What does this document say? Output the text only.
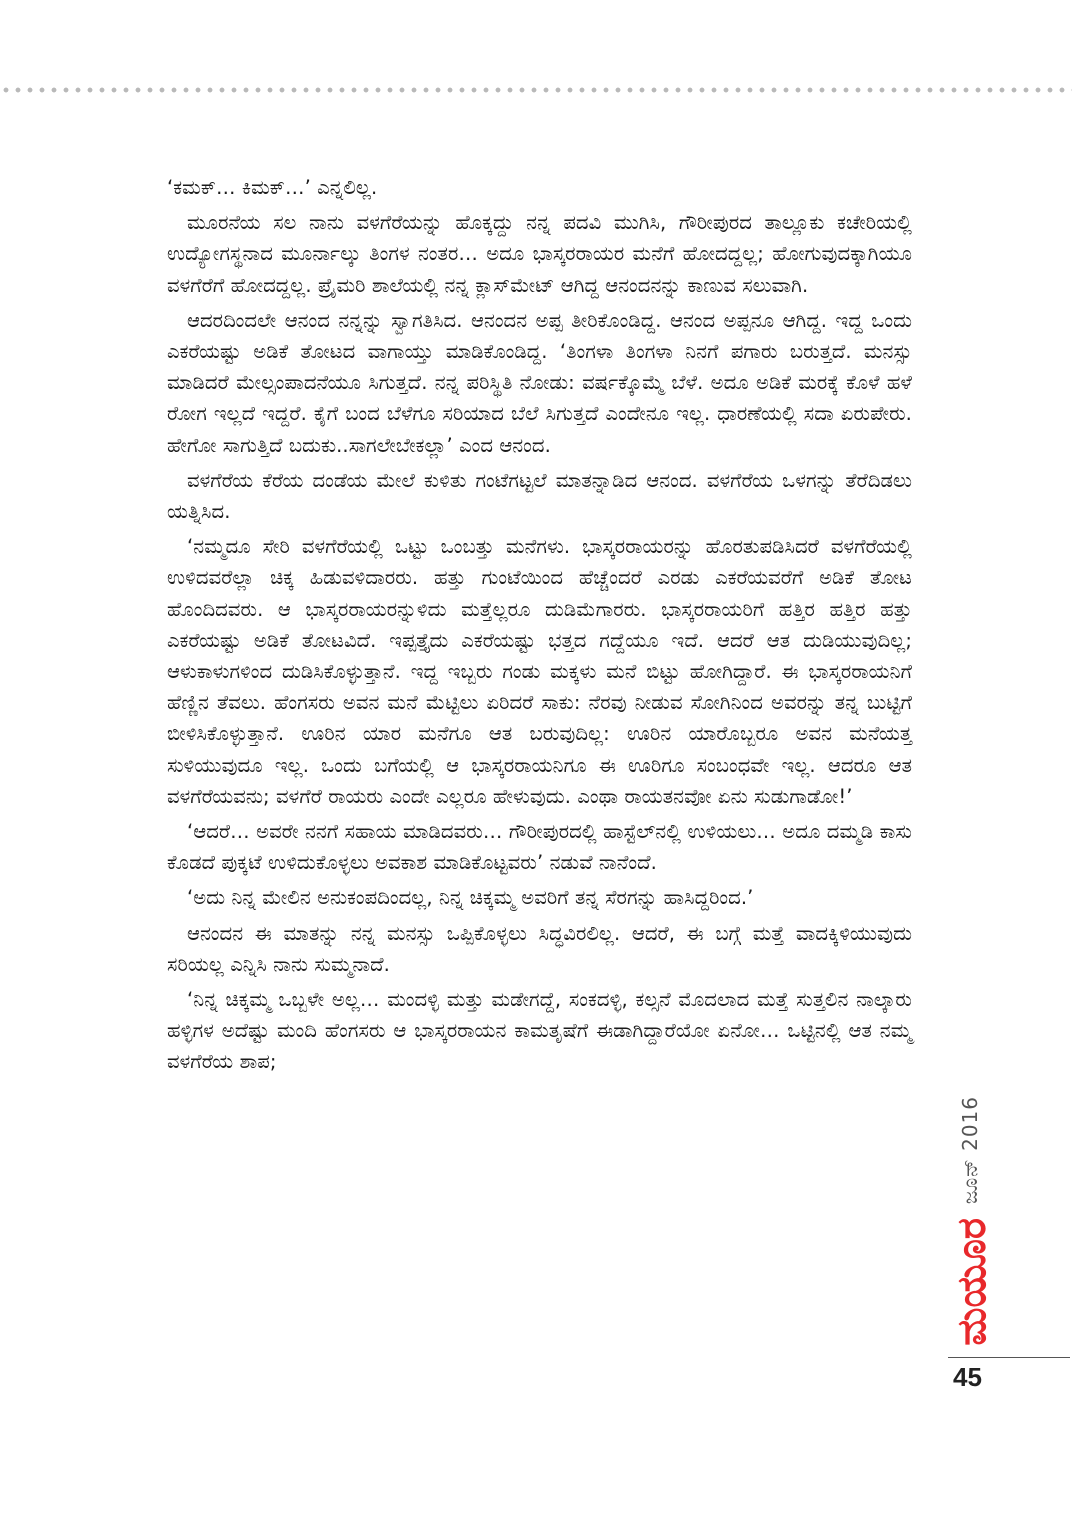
‘ಕಮಕ್… ಕಿಮಕ್…’ ಎನ್ನಲಿಲ್ಲ.

ಮೂರನೆಯ ಸಲ ನಾನು ವಳಗೆರೆಯನ್ನು ಹೊಕ್ಕದ್ದು ನನ್ನ ಪದವಿ ಮುಗಿಸಿ, ಗೌರೀಪುರದ ತಾಲ್ಲೂಕು ಕಚೇರಿಯಲ್ಲಿ ಉದ್ಯೋಗಸ್ಥನಾದ ಮೂರ್ನಾಲ್ಕು ತಿಂಗಳ ನಂತರ… ಅದೂ ಭಾಸ್ಕರರಾಯರ ಮನೆಗೆ ಹೋದದ್ದಲ್ಲ; ಹೋಗುವುದಕ್ಕಾಗಿಯೂ ವಳಗೆರೆಗೆ ಹೋದದ್ದಲ್ಲ. ಪ್ರೈಮರಿ ಶಾಲೆಯಲ್ಲಿ ನನ್ನ ಕ್ಲಾಸ್‌ಮೇಟ್ ಆಗಿದ್ದ ಆನಂದನನ್ನು ಕಾಣುವ ಸಲುವಾಗಿ.

ಆದರದಿಂದಲೇ ಆನಂದ ನನ್ನನ್ನು ಸ್ವಾಗತಿಸಿದ. ಆನಂದನ ಅಪ್ಪ ತೀರಿಕೊಂಡಿದ್ದ. ಆನಂದ ಅಪ್ಪನೂ ಆಗಿದ್ದ. ಇದ್ದ ಒಂದು ಎಕರೆಯಷ್ಟು ಅಡಿಕೆ ತೋಟದ ವಾಗಾಯ್ತು ಮಾಡಿಕೊಂಡಿದ್ದ. ‘ತಿಂಗಳಾ ತಿಂಗಳಾ ನಿನಗೆ ಪಗಾರು ಬರುತ್ತದೆ. ಮನಸ್ಸು ಮಾಡಿದರೆ ಮೇಲ್ಸಂಪಾದನೆಯೂ ಸಿಗುತ್ತದೆ. ನನ್ನ ಪರಿಸ್ಥಿತಿ ನೋಡು: ವರ್ಷಕ್ಕೊಮ್ಮೆ ಬೆಳೆ. ಅದೂ ಅಡಿಕೆ ಮರಕ್ಕೆ ಕೊಳೆ ಹಳೆ ರೋಗ ಇಲ್ಲದೆ ಇದ್ದರೆ. ಕೈಗೆ ಬಂದ ಬೆಳೆಗೂ ಸರಿಯಾದ ಬೆಲೆ ಸಿಗುತ್ತದೆ ಎಂದೇನೂ ಇಲ್ಲ. ಧಾರಣೆಯಲ್ಲಿ ಸದಾ ಏರುಪೇರು. ಹೇಗೋ ಸಾಗುತ್ತಿದೆ ಬದುಕು..ಸಾಗಲೇಬೇಕಲ್ಲಾ’ ಎಂದ ಆನಂದ.

ವಳಗೆರೆಯ ಕೆರೆಯ ದಂಡೆಯ ಮೇಲೆ ಕುಳಿತು ಗಂಟೆಗಟ್ಟಲೆ ಮಾತನ್ನಾಡಿದ ಆನಂದ. ವಳಗೆರೆಯ ಒಳಗನ್ನು ತೆರೆದಿಡಲು ಯತ್ನಿಸಿದ.

‘ನಮ್ಮದೂ ಸೇರಿ ವಳಗೆರೆಯಲ್ಲಿ ಒಟ್ಟು ಒಂಬತ್ತು ಮನೆಗಳು. ಭಾಸ್ಕರರಾಯರನ್ನು ಹೊರತುಪಡಿಸಿದರೆ ವಳಗೆರೆಯಲ್ಲಿ ಉಳಿದವರೆಲ್ಲಾ ಚಿಕ್ಕ ಹಿಡುವಳಿದಾರರು. ಹತ್ತು ಗುಂಟೆಯಿಂದ ಹೆಚ್ಚೆಂದರೆ ಎರಡು ಎಕರೆಯವರೆಗೆ ಅಡಿಕೆ ತೋಟ ಹೊಂದಿದವರು. ಆ ಭಾಸ್ಕರರಾಯರನ್ನುಳಿದು ಮತ್ತೆಲ್ಲರೂ ದುಡಿಮೆಗಾರರು. ಭಾಸ್ಕರರಾಯರಿಗೆ ಹತ್ತಿರ ಹತ್ತಿರ ಹತ್ತು ಎಕರೆಯಷ್ಟು ಅಡಿಕೆ ತೋಟವಿದೆ. ಇಪ್ಪತ್ತೈದು ಎಕರೆಯಷ್ಟು ಭತ್ತದ ಗದ್ದೆಯೂ ಇದೆ. ಆದರೆ ಆತ ದುಡಿಯುವುದಿಲ್ಲ; ಆಳುಕಾಳುಗಳಿಂದ ದುಡಿಸಿಕೊಳ್ಳುತ್ತಾನೆ. ಇದ್ದ ಇಬ್ಬರು ಗಂಡು ಮಕ್ಕಳು ಮನೆ ಬಿಟ್ಟು ಹೋಗಿದ್ದಾರೆ. ಈ ಭಾಸ್ಕರರಾಯನಿಗೆ ಹೆಣ್ಣಿನ ತೆವಲು. ಹೆಂಗಸರು ಅವನ ಮನೆ ಮೆಟ್ಟಿಲು ಏರಿದರೆ ಸಾಕು: ನೆರವು ನೀಡುವ ಸೋಗಿನಿಂದ ಅವರನ್ನು ತನ್ನ ಬುಟ್ಟಿಗೆ ಬೀಳಿಸಿಕೊಳ್ಳುತ್ತಾನೆ. ಊರಿನ ಯಾರ ಮನೆಗೂ ಆತ ಬರುವುದಿಲ್ಲ: ಊರಿನ ಯಾರೊಬ್ಬರೂ ಅವನ ಮನೆಯತ್ತ ಸುಳಿಯುವುದೂ ಇಲ್ಲ. ಒಂದು ಬಗೆಯಲ್ಲಿ ಆ ಭಾಸ್ಕರರಾಯನಿಗೂ ಈ ಊರಿಗೂ ಸಂಬಂಧವೇ ಇಲ್ಲ. ಆದರೂ ಆತ ವಳಗೆರೆಯವನು; ವಳಗೆರೆ ರಾಯರು ಎಂದೇ ಎಲ್ಲರೂ ಹೇಳುವುದು. ಎಂಥಾ ರಾಯತನವೋ ಏನು ಸುಡುಗಾಡೋ!’

‘ಆದರೆ… ಅವರೇ ನನಗೆ ಸಹಾಯ ಮಾಡಿದವರು… ಗೌರೀಪುರದಲ್ಲಿ ಹಾಸ್ಟೆಲ್‌ನಲ್ಲಿ ಉಳಿಯಲು… ಅದೂ ದಮ್ಮಡಿ ಕಾಸು ಕೊಡದೆ ಪುಕ್ಕಟೆ ಉಳಿದುಕೊಳ್ಳಲು ಅವಕಾಶ ಮಾಡಿಕೊಟ್ಟವರು’ ನಡುವೆ ನಾನೆಂದೆ.

‘ಅದು ನಿನ್ನ ಮೇಲಿನ ಅನುಕಂಪದಿಂದಲ್ಲ, ನಿನ್ನ ಚಿಕ್ಕಮ್ಮ ಅವರಿಗೆ ತನ್ನ ಸೆರಗನ್ನು ಹಾಸಿದ್ದರಿಂದ.’

ಆನಂದನ ಈ ಮಾತನ್ನು ನನ್ನ ಮನಸ್ಸು ಒಪ್ಪಿಕೊಳ್ಳಲು ಸಿದ್ಧವಿರಲಿಲ್ಲ. ಆದರೆ, ಈ ಬಗ್ಗೆ ಮತ್ತೆ ವಾದಕ್ಕಿಳಿಯುವುದು ಸರಿಯಲ್ಲ ಎನ್ನಿಸಿ ನಾನು ಸುಮ್ಮನಾದೆ.

‘ನಿನ್ನ ಚಿಕ್ಕಮ್ಮ ಒಬ್ಬಳೇ ಅಲ್ಲ… ಮಂದಳ್ಳಿ ಮತ್ತು ಮಡೇಗದ್ದೆ, ಸಂಕದಳ್ಳಿ, ಕಲ್ಸನೆ ಮೊದಲಾದ ಮತ್ತೆ ಸುತ್ತಲಿನ ನಾಲ್ಕಾರು ಹಳ್ಳಿಗಳ ಅದೆಷ್ಟು ಮಂದಿ ಹೆಂಗಸರು ಆ ಭಾಸ್ಕರರಾಯನ ಕಾಮತೃಷೆಗೆ ಈಡಾಗಿದ್ದಾರೆಯೋ ಏನೋ… ಒಟ್ಟಿನಲ್ಲಿ ಆತ ನಮ್ಮ ವಳಗೆರೆಯ ಶಾಪ;

ಜೂನ್ 2016
ಮಯೂರ
45
